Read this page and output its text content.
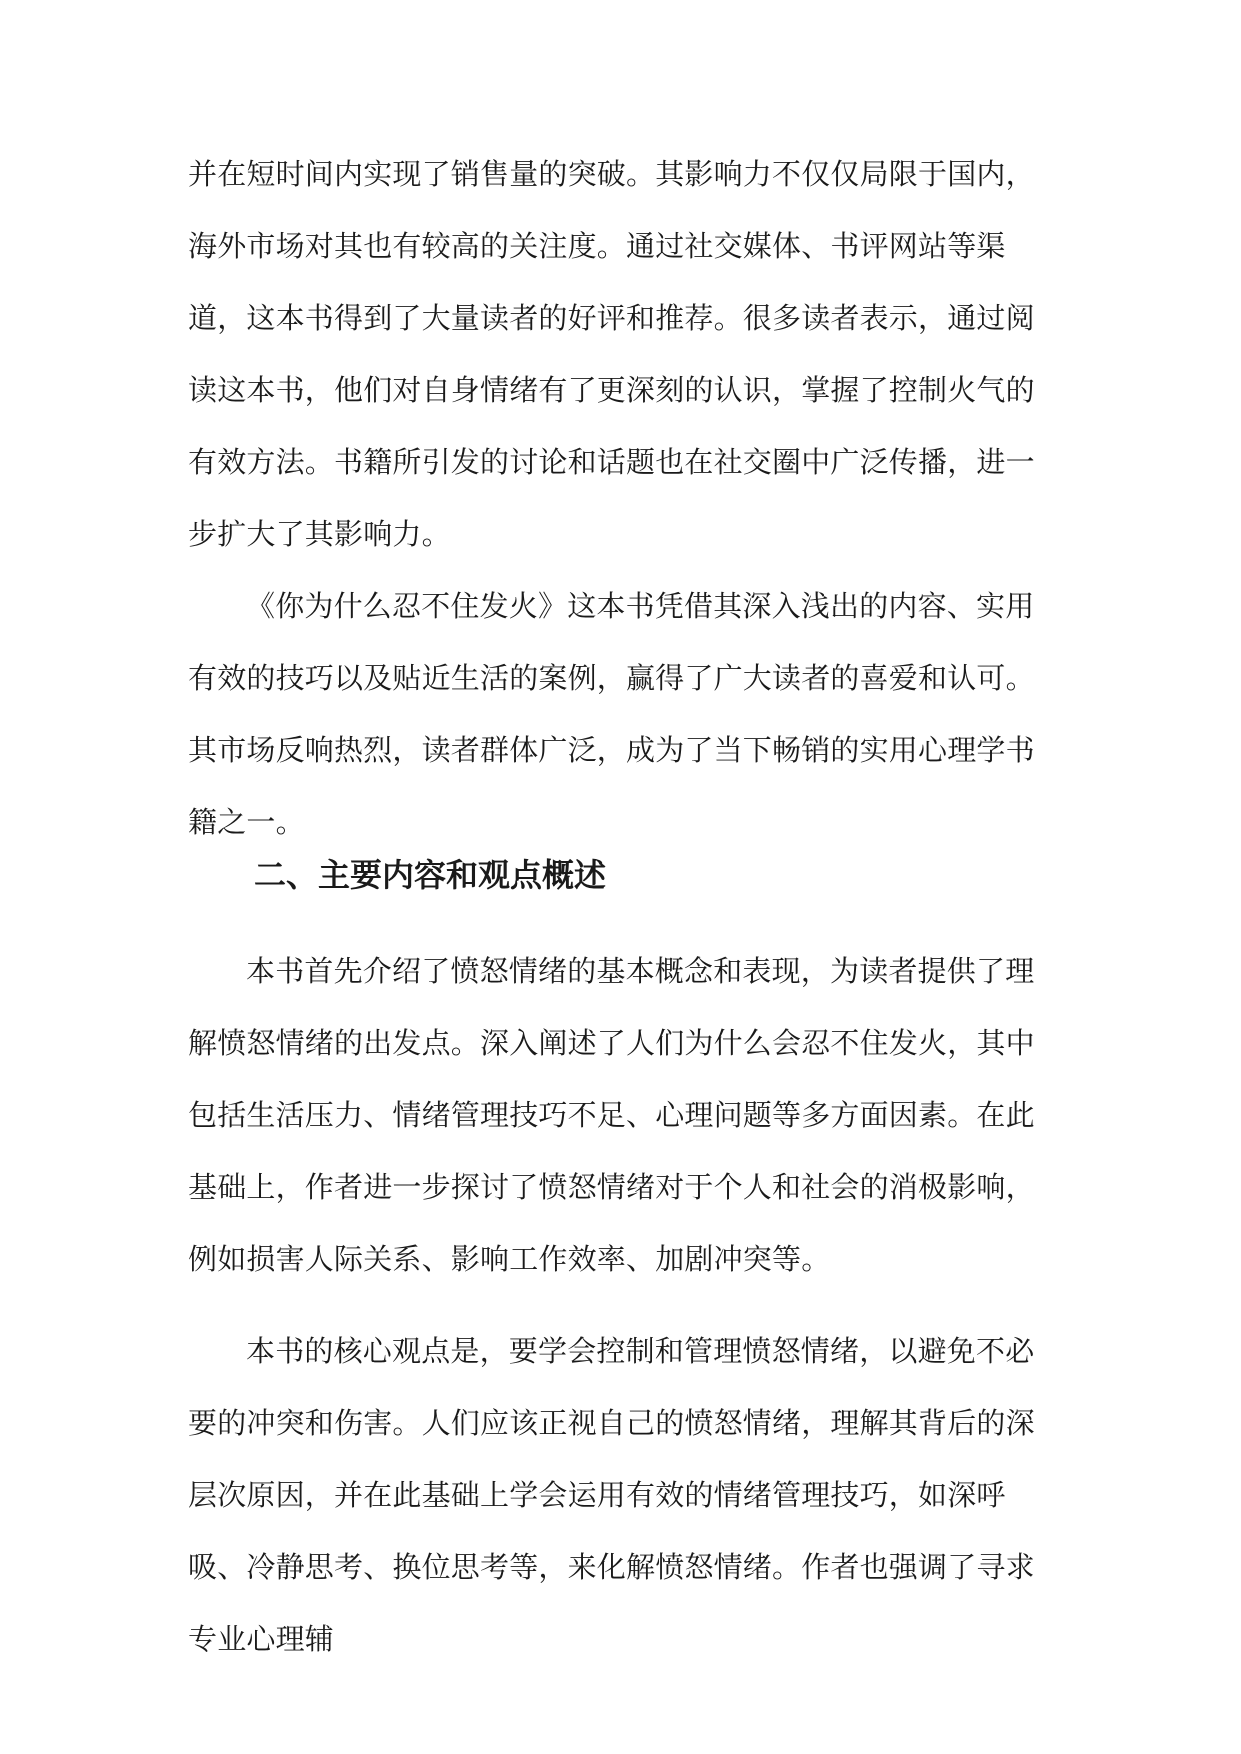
并在短时间内实现了销售量的突破。其影响力不仅仅局限于国内，海外市场对其也有较高的关注度。通过社交媒体、书评网站等渠道，这本书得到了大量读者的好评和推荐。很多读者表示，通过阅读这本书，他们对自身情绪有了更深刻的认识，掌握了控制火气的有效方法。书籍所引发的讨论和话题也在社交圈中广泛传播，进一步扩大了其影响力。

《你为什么忍不住发火》这本书凭借其深入浅出的内容、实用有效的技巧以及贴近生活的案例，赢得了广大读者的喜爱和认可。其市场反响热烈，读者群体广泛，成为了当下畅销的实用心理学书籍之一。

二、主要内容和观点概述

本书首先介绍了愤怒情绪的基本概念和表现，为读者提供了理解愤怒情绪的出发点。深入阐述了人们为什么会忍不住发火，其中包括生活压力、情绪管理技巧不足、心理问题等多方面因素。在此基础上，作者进一步探讨了愤怒情绪对于个人和社会的消极影响，例如损害人际关系、影响工作效率、加剧冲突等。

本书的核心观点是，要学会控制和管理愤怒情绪，以避免不必要的冲突和伤害。人们应该正视自己的愤怒情绪，理解其背后的深层次原因，并在此基础上学会运用有效的情绪管理技巧，如深呼吸、冷静思考、换位思考等，来化解愤怒情绪。作者也强调了寻求专业心理辅
